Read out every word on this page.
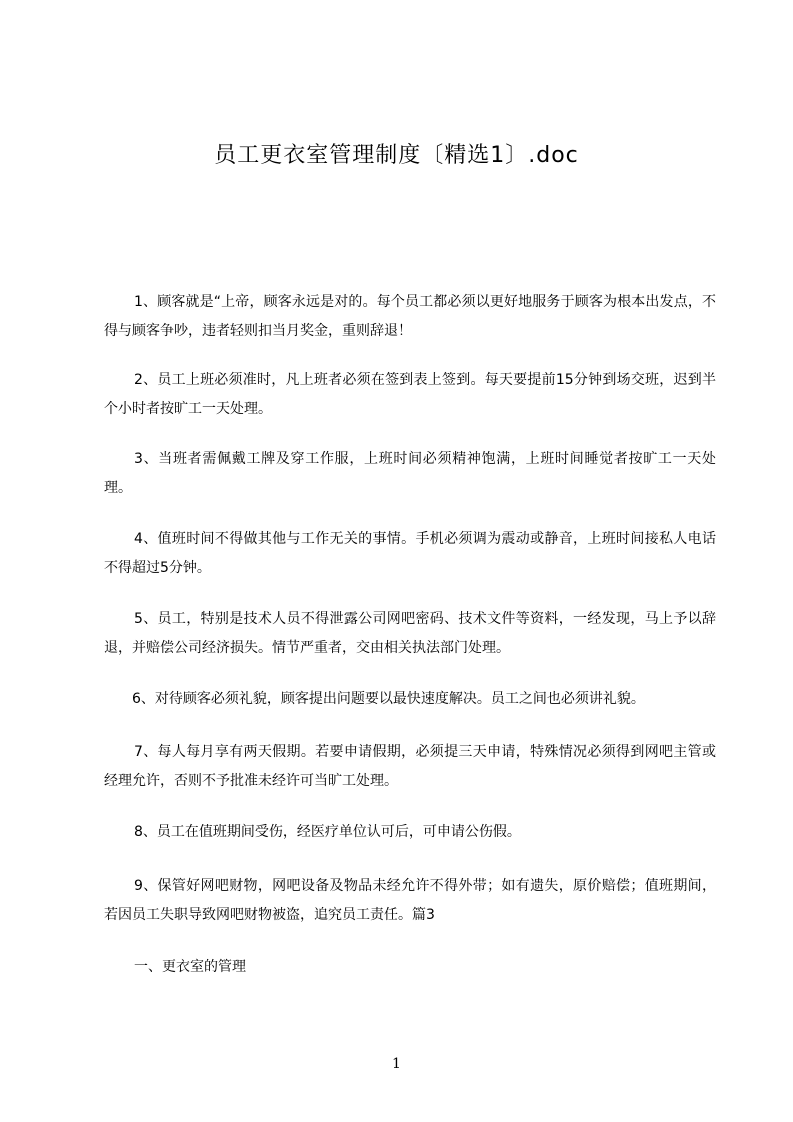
员工更衣室管理制度〔精选1〕.doc

1、顾客就是“上帝，顾客永远是对的。每个员工都必须以更好地服务于顾客为根本出发点，不得与顾客争吵，违者轻则扣当月奖金，重则辞退！

2、员工上班必须准时，凡上班者必须在签到表上签到。每天要提前15分钟到场交班，迟到半个小时者按旷工一天处理。

3、当班者需佩戴工牌及穿工作服，上班时间必须精神饱满，上班时间睡觉者按旷工一天处理。

4、值班时间不得做其他与工作无关的事情。手机必须调为震动或静音，上班时间接私人电话不得超过5分钟。

5、员工，特别是技术人员不得泄露公司网吧密码、技术文件等资料，一经发现，马上予以辞退，并赔偿公司经济损失。情节严重者，交由相关执法部门处理。

6、对待顾客必须礼貌，顾客提出问题要以最快速度解决。员工之间也必须讲礼貌。

7、每人每月享有两天假期。若要申请假期，必须提三天申请，特殊情况必须得到网吧主管或经理允许，否则不予批准未经许可当旷工处理。

8、员工在值班期间受伤，经医疗单位认可后，可申请公伤假。

9、保管好网吧财物，网吧设备及物品未经允许不得外带；如有遗失，原价赔偿；值班期间，若因员工失职导致网吧财物被盗，追究员工责任。篇3

一、更衣室的管理

1
